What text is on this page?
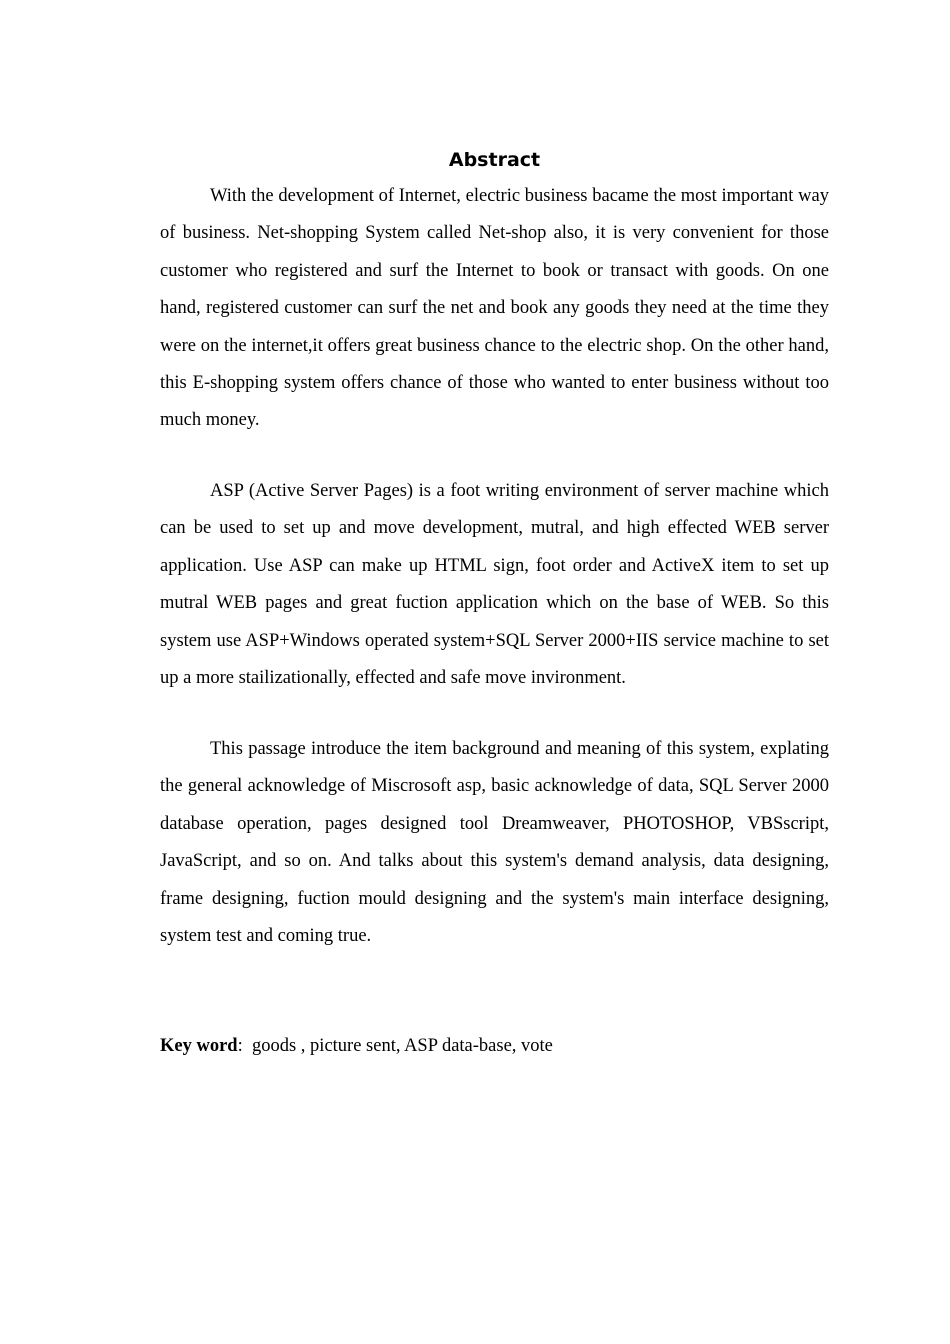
Abstract

With the development of Internet, electric business bacame the most important way of business. Net-shopping System called Net-shop also, it is very convenient for those customer who registered and surf the Internet to book or transact with goods. On one hand, registered customer can surf the net and book any goods they need at the time they were on the internet,it offers great business chance to the electric shop. On the other hand, this E-shopping system offers chance of those who wanted to enter business without too much money.

ASP (Active Server Pages) is a foot writing environment of server machine which can be used to set up and move development, mutral, and high effected WEB server application. Use ASP can make up HTML sign, foot order and ActiveX item to set up mutral WEB pages and great fuction application which on the base of WEB. So this system use ASP+Windows operated system+SQL Server 2000+IIS service machine to set up a more stailizationally, effected and safe move invironment.

This passage introduce the item background and meaning of this system, explating the general acknowledge of Miscrosoft asp, basic acknowledge of data, SQL Server 2000 database operation, pages designed tool Dreamweaver, PHOTOSHOP, VBSscript, JavaScript, and so on. And talks about this system's demand analysis, data designing, frame designing, fuction mould designing and the system's main interface designing, system test and coming true.

Key word: goods , picture sent, ASP data-base, vote
